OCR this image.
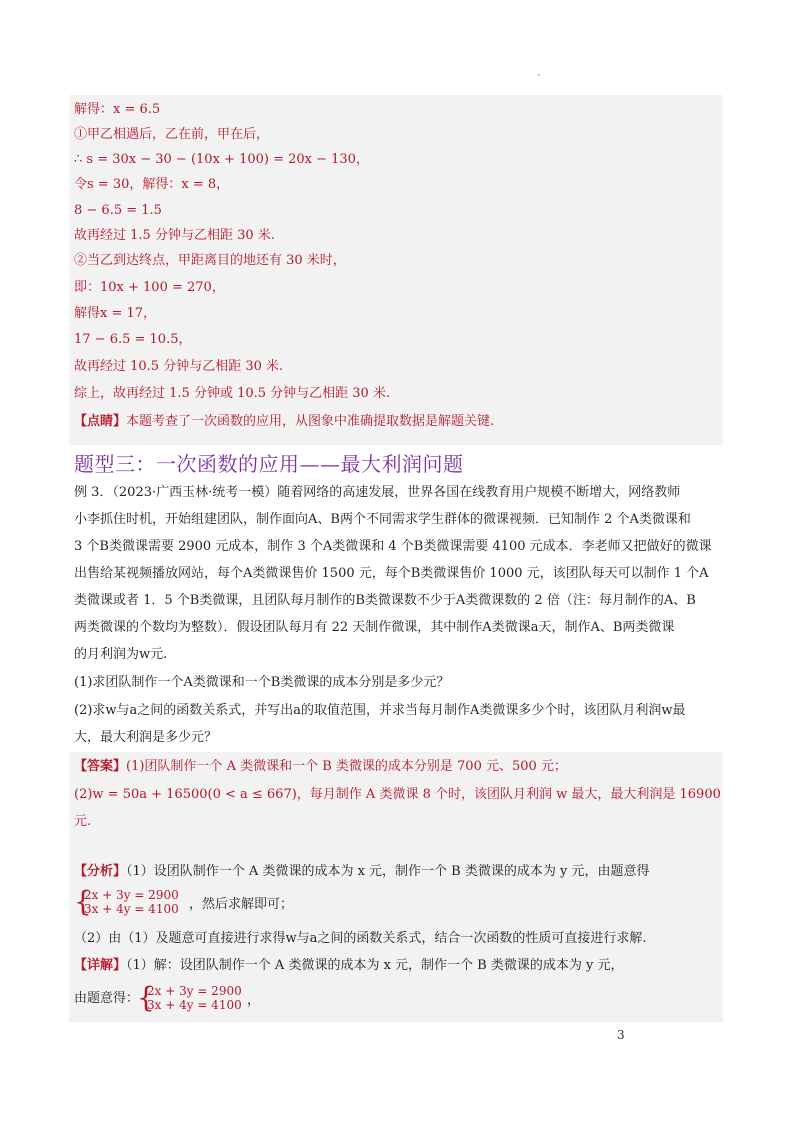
解得：x = 6.5
①甲乙相遇后，乙在前，甲在后，
∴ s = 30x − 30 − (10x + 100) = 20x − 130，
令s = 30，解得：x = 8，
8 − 6.5 = 1.5
故再经过 1.5 分钟与乙相距 30 米.
②当乙到达终点，甲距离目的地还有 30 米时，
即：10x + 100 = 270，
解得x = 17，
17 − 6.5 = 10.5，
故再经过 10.5 分钟与乙相距 30 米.
综上，故再经过 1.5 分钟或 10.5 分钟与乙相距 30 米.
【点睛】本题考查了一次函数的应用，从图象中准确提取数据是解题关键.
题型三：一次函数的应用——最大利润问题
例 3．（2023·广西玉林·统考一模）随着网络的高速发展，世界各国在线教育用户规模不断增大，网络教师
小李抓住时机，开始组建团队，制作面向A、B两个不同需求学生群体的微课视频．已知制作 2 个A类微课和
3 个B类微课需要 2900 元成本，制作 3 个A类微课和 4 个B类微课需要 4100 元成本．李老师又把做好的微课
出售给某视频播放网站，每个A类微课售价 1500 元，每个B类微课售价 1000 元，该团队每天可以制作 1 个A
类微课或者 1．5 个B类微课，且团队每月制作的B类微课数不少于A类微课数的 2 倍（注：每月制作的A、B
两类微课的个数均为整数）．假设团队每月有 22 天制作微课，其中制作A类微课a天，制作A、B两类微课
的月利润为w元.
(1)求团队制作一个A类微课和一个B类微课的成本分别是多少元？
(2)求w与a之间的函数关系式，并写出a的取值范围，并求当每月制作A类微课多少个时，该团队月利润w最
大，最大利润是多少元？
【答案】(1)团队制作一个 A 类微课和一个 B 类微课的成本分别是 700 元、500 元；
(2)w = 50a + 16500(0 < a ≤ 667)，每月制作 A 类微课 8 个时，该团队月利润 w 最大，最大利润是 16900
元.
【分析】（1）设团队制作一个 A 类微课的成本为 x 元，制作一个 B 类微课的成本为 y 元，由题意得
{
2x + 3y = 2900
3x + 4y = 4100 ，然后求解即可；
（2）由（1）及题意可直接进行求得w与a之间的函数关系式，结合一次函数的性质可直接进行求解.
【详解】（1）解：设团队制作一个 A 类微课的成本为 x 元，制作一个 B 类微课的成本为 y 元，
由题意得：
{
2x + 3y = 2900
3x + 4y = 4100 ，
3
